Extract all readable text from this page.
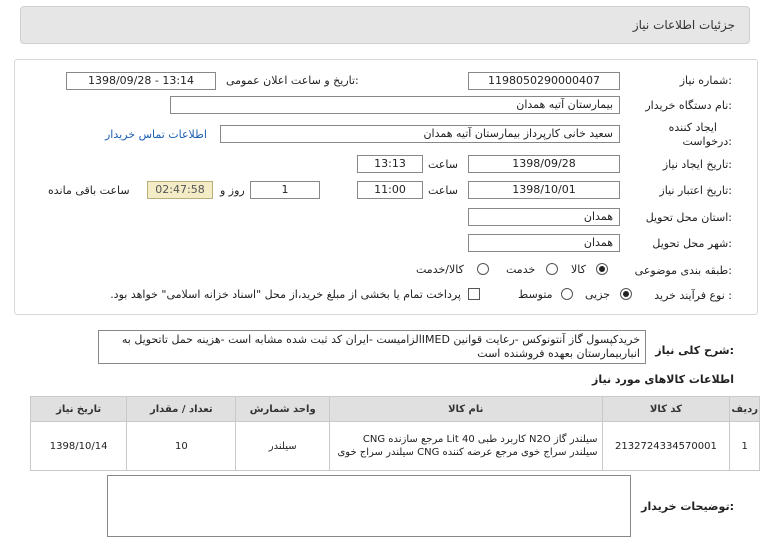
جزئیات اطلاعات نیاز
شماره نیاز:
1198050290000407
تاریخ و ساعت اعلان عمومی:
1398/09/28 - 13:14
نام دستگاه خریدار:
بیمارستان آتیه همدان
ایجاد کننده
درخواست:
سعید خانی کارپرداز بیمارستان آتیه همدان
اطلاعات تماس خریدار
تاریخ ایجاد نیاز:
1398/09/28
ساعت
13:13
تاریخ اعتبار نیاز:
1398/10/01
ساعت
11:00
1
روز و
02:47:58
ساعت باقی مانده
استان محل تحویل:
همدان
شهر محل تحویل:
همدان
طبقه بندی موضوعی:
کالا
خدمت
کالا/خدمت
نوع فرآیند خرید :
جزیی
متوسط
پرداخت تمام یا بخشی از مبلغ خرید،از محل "اسناد خزانه اسلامی" خواهد بود.
شرح کلی نیاز:
خریدکپسول گاز آنتونوکس -رعایت قوانین IMEDالزامیست -ایران کد ثبت شده مشابه است -هزینه حمل تاتحویل به انباربیمارستان بعهده فروشنده است
اطلاعات کالاهای مورد نیاز
تاریخ نیاز	تعداد / مقدار	واحد شمارش	نام کالا	کد کالا	ردیف
1398/10/14	10	سیلندر	سیلندر گاز N2O کاربرد طبی 40 Lit مرجع سازنده CNG سیلندر سراج خوی مرجع عرضه کننده CNG سیلندر سراج خوی	2132724334570001	1
توضیحات خریدار:
